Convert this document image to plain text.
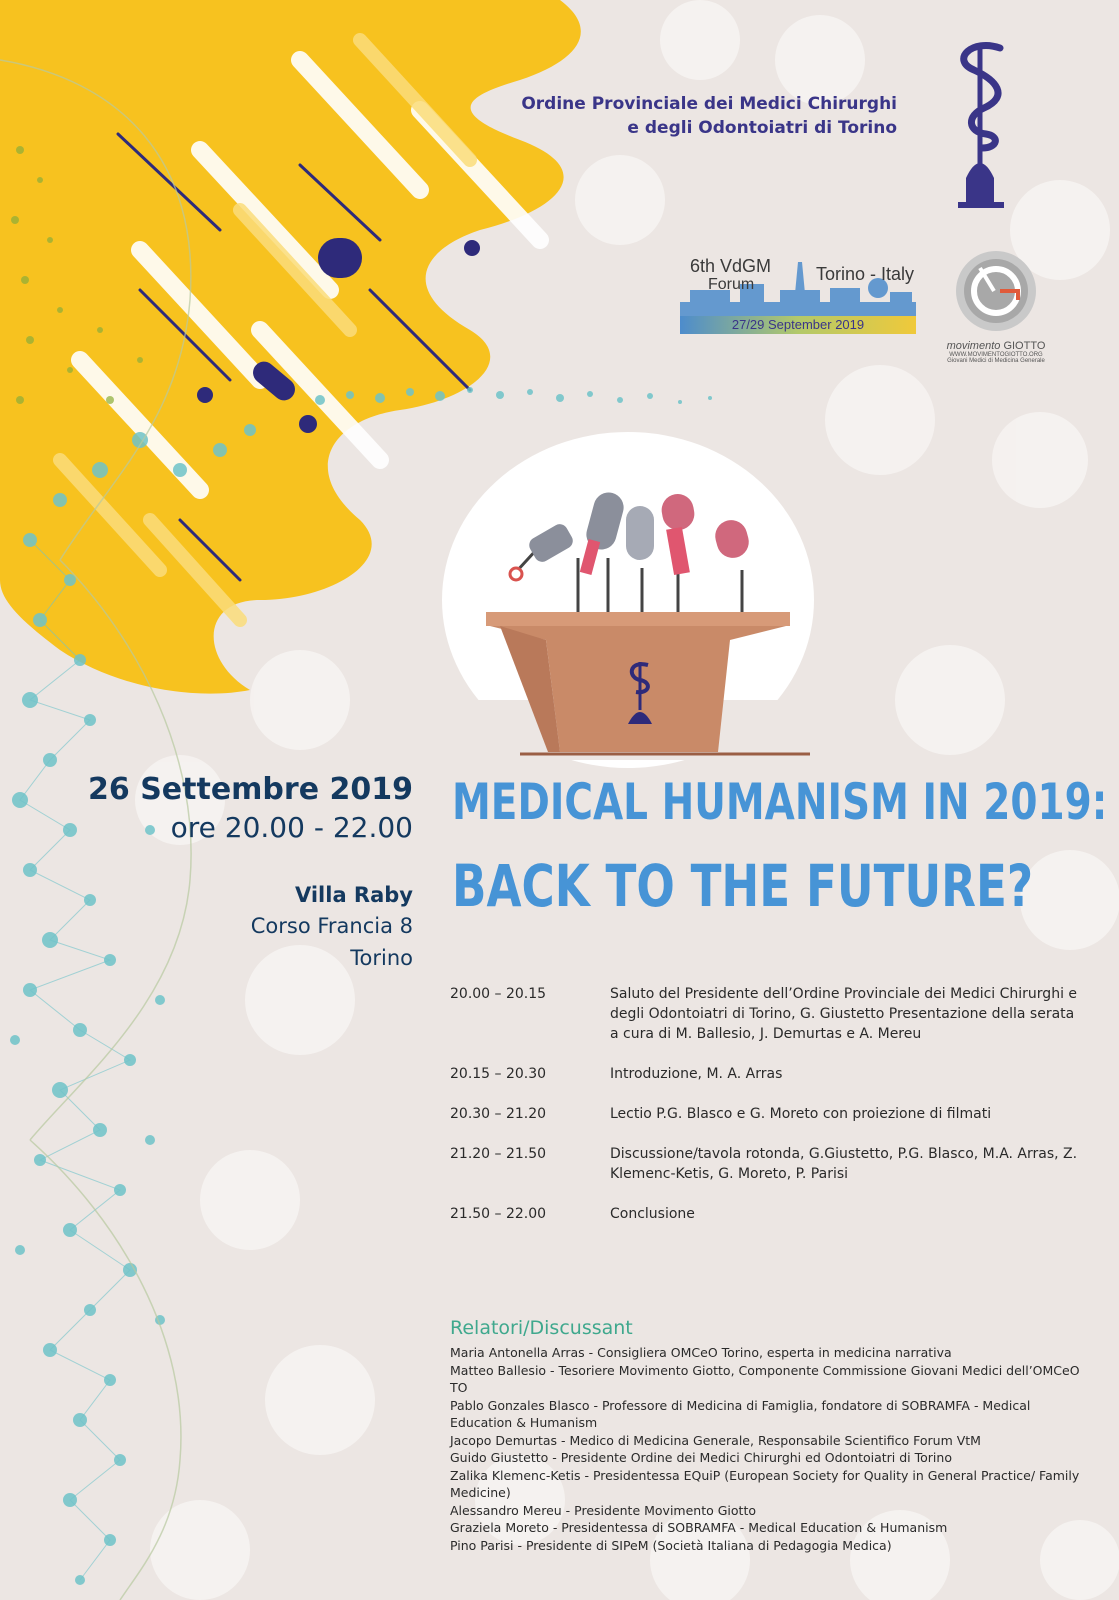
Ordine Provinciale dei Medici Chirurghi
e degli Odontoiatri di Torino
6th VdGM
Forum
Torino - Italy
27/29 September 2019
movimento GIOTTO
WWW.MOVIMENTOGIOTTO.ORG
Giovani Medici di Medicina Generale
26 Settembre 2019
ore 20.00 - 22.00
Villa Raby
Corso Francia 8
Torino
MEDICAL HUMANISM IN 2019:
BACK TO THE FUTURE?
20.00 – 20.15	Saluto del Presidente dell’Ordine Provinciale dei Medici Chirurghi e degli Odontoiatri di Torino, G. Giustetto Presentazione della serata a cura di M. Ballesio, J. Demurtas e A. Mereu
20.15 – 20.30	Introduzione, M. A. Arras
20.30 – 21.20	Lectio P.G. Blasco e G. Moreto con proiezione di filmati
21.20 – 21.50	Discussione/tavola rotonda, G.Giustetto, P.G. Blasco, M.A. Arras, Z. Klemenc-Ketis, G. Moreto, P. Parisi
21.50 – 22.00	Conclusione
Relatori/Discussant
Maria Antonella Arras - Consigliera OMCeO Torino, esperta in medicina narrativa
Matteo Ballesio - Tesoriere Movimento Giotto, Componente Commissione Giovani Medici dell’OMCeO TO
Pablo Gonzales Blasco - Professore di Medicina di Famiglia, fondatore di SOBRAMFA - Medical Education & Humanism
Jacopo Demurtas - Medico di Medicina Generale, Responsabile Scientifico Forum VtM
Guido Giustetto - Presidente Ordine dei Medici Chirurghi ed Odontoiatri di Torino
Zalika Klemenc-Ketis - Presidentessa EQuiP (European Society for Quality in General Practice/ Family Medicine)
Alessandro Mereu - Presidente Movimento Giotto
Graziela Moreto - Presidentessa di SOBRAMFA - Medical Education & Humanism
Pino Parisi - Presidente di SIPeM (Società Italiana di Pedagogia Medica)
